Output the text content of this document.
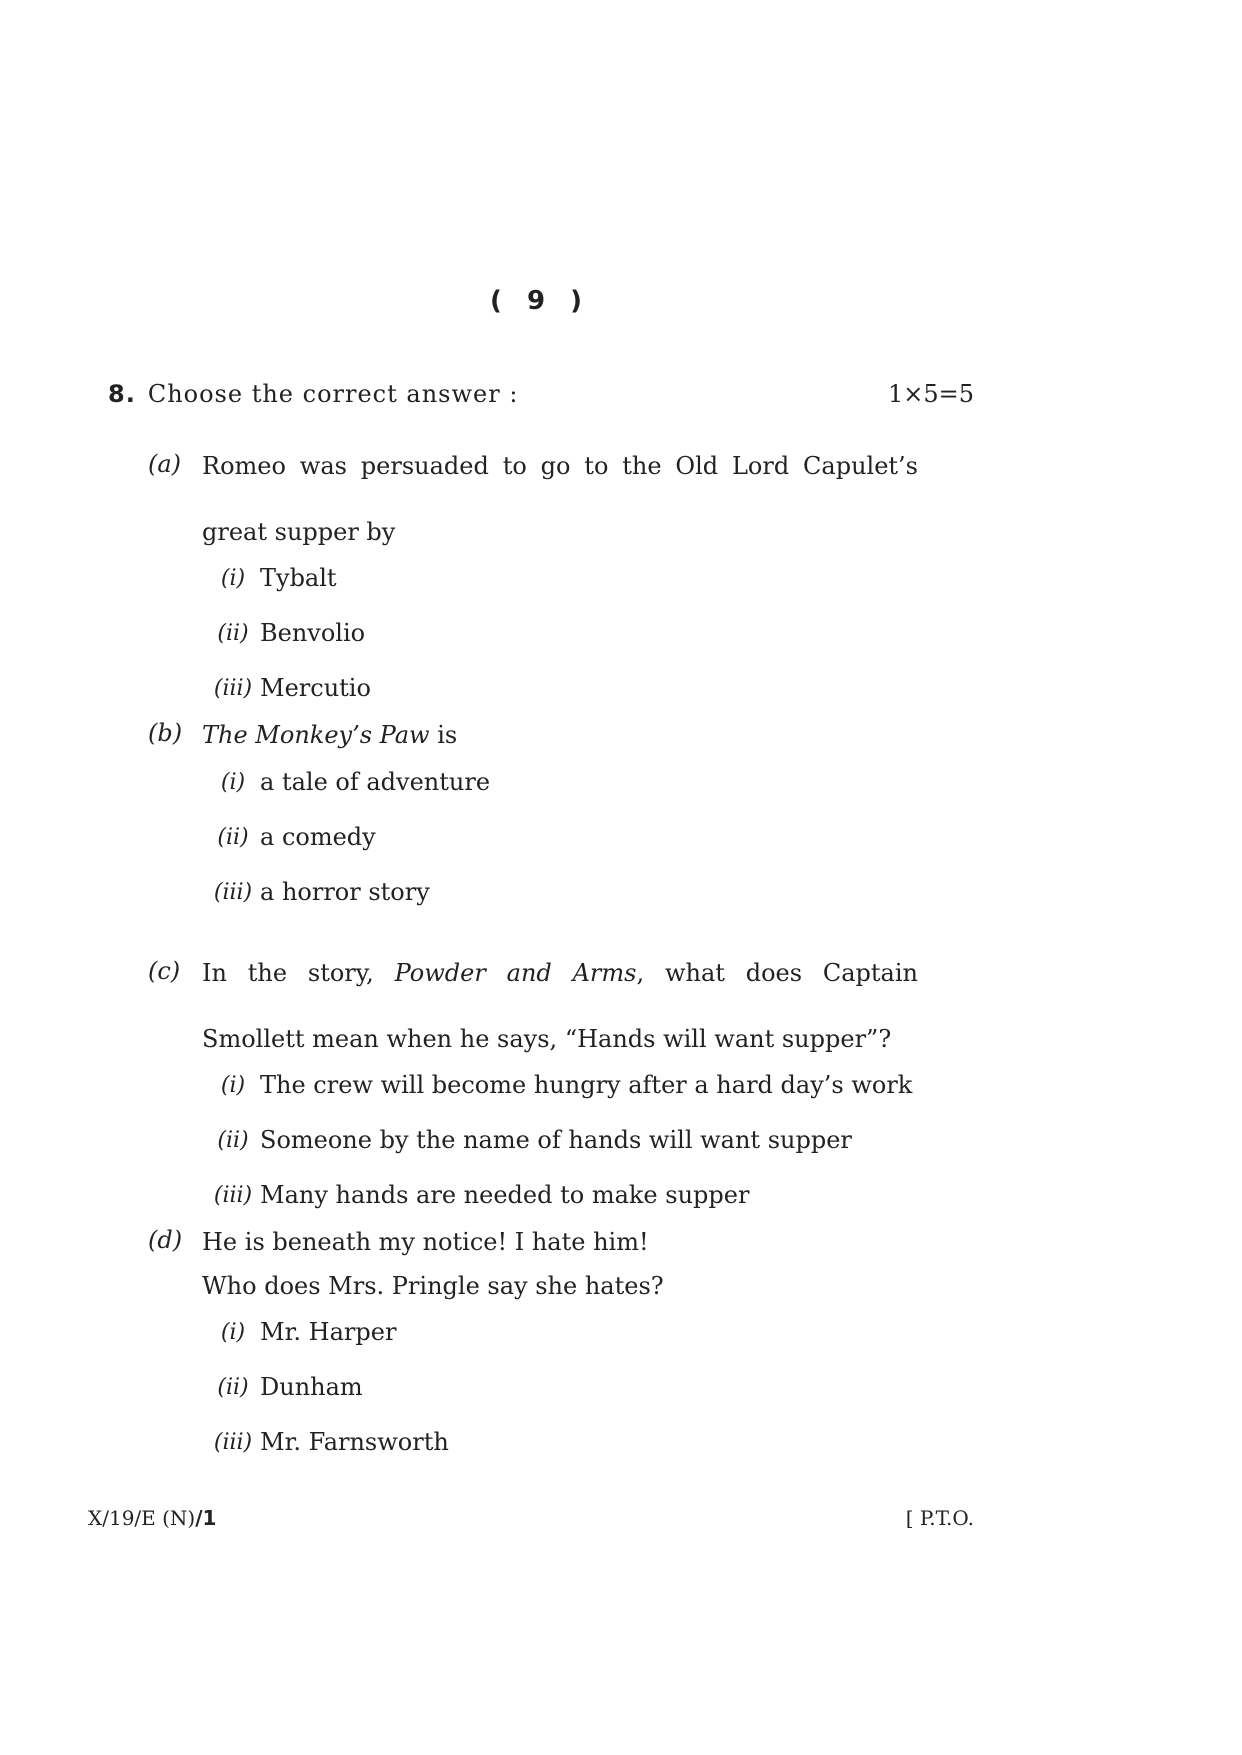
( 9 )
8. Choose the correct answer :	1×5=5
(a) Romeo was persuaded to go to the Old Lord Capulet’s
great supper by
(i) Tybalt
(ii) Benvolio
(iii) Mercutio
(b) The Monkey’s Paw is
(i) a tale of adventure
(ii) a comedy
(iii) a horror story
(c) In the story, Powder and Arms, what does Captain
Smollett mean when he says, “Hands will want supper”?
(i) The crew will become hungry after a hard day’s work
(ii) Someone by the name of hands will want supper
(iii) Many hands are needed to make supper
(d) He is beneath my notice! I hate him!
Who does Mrs. Pringle say she hates?
(i) Mr. Harper
(ii) Dunham
(iii) Mr. Farnsworth
X/19/E (N)/1	[ P.T.O.
